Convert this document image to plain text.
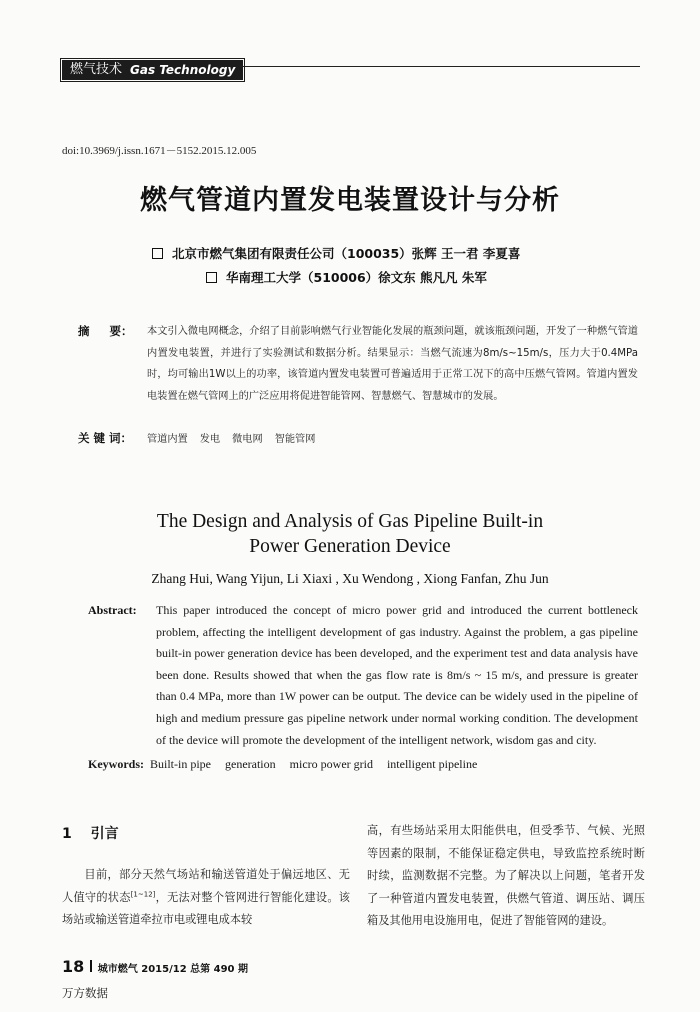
燃气技术 Gas Technology
doi:10.3969/j.issn.1671－5152.2015.12.005
燃气管道内置发电装置设计与分析
北京市燃气集团有限责任公司（100035）张辉 王一君 李夏喜
华南理工大学（510006）徐文东 熊凡凡 朱军
摘 要： 本文引入微电网概念，介绍了目前影响燃气行业智能化发展的瓶颈问题，就该瓶颈问题，开发了一种燃气管道内置发电装置，并进行了实验测试和数据分析。结果显示：当燃气流速为8m/s~15m/s，压力大于0.4MPa时，均可输出1W以上的功率，该管道内置发电装置可普遍适用于正常工况下的高中压燃气管网。管道内置发电装置在燃气管网上的广泛应用将促进智能管网、智慧燃气、智慧城市的发展。
关 键 词：	管道内置 发电 微电网 智能管网
The Design and Analysis of Gas Pipeline Built-in
Power Generation Device
Zhang Hui, Wang Yijun, Li Xiaxi , Xu Wendong , Xiong Fanfan, Zhu Jun
Abstract: This paper introduced the concept of micro power grid and introduced the current bottleneck problem, affecting the intelligent development of gas industry. Against the problem, a gas pipeline built-in power generation device has been developed, and the experiment test and data analysis have been done. Results showed that when the gas flow rate is 8m/s ~ 15 m/s, and pressure is greater than 0.4 MPa, more than 1W power can be output. The device can be widely used in the pipeline of high and medium pressure gas pipeline network under normal working condition. The development of the device will promote the development of the intelligent network, wisdom gas and city.
Keywords: Built-in pipe generation micro power grid intelligent pipeline
1 引言
目前，部分天然气场站和输送管道处于偏远地区、无人值守的状态[1~12]，无法对整个管网进行智能化建设。该场站或输送管道牵拉市电或锂电成本较
高，有些场站采用太阳能供电，但受季节、气候、光照等因素的限制，不能保证稳定供电，导致监控系统时断时续，监测数据不完整。为了解决以上问题，笔者开发了一种管道内置发电装置，供燃气管道、调压站、调压箱及其他用电设施用电，促进了智能管网的建设。
18 城市燃气 2015/12 总第 490 期
万方数据
